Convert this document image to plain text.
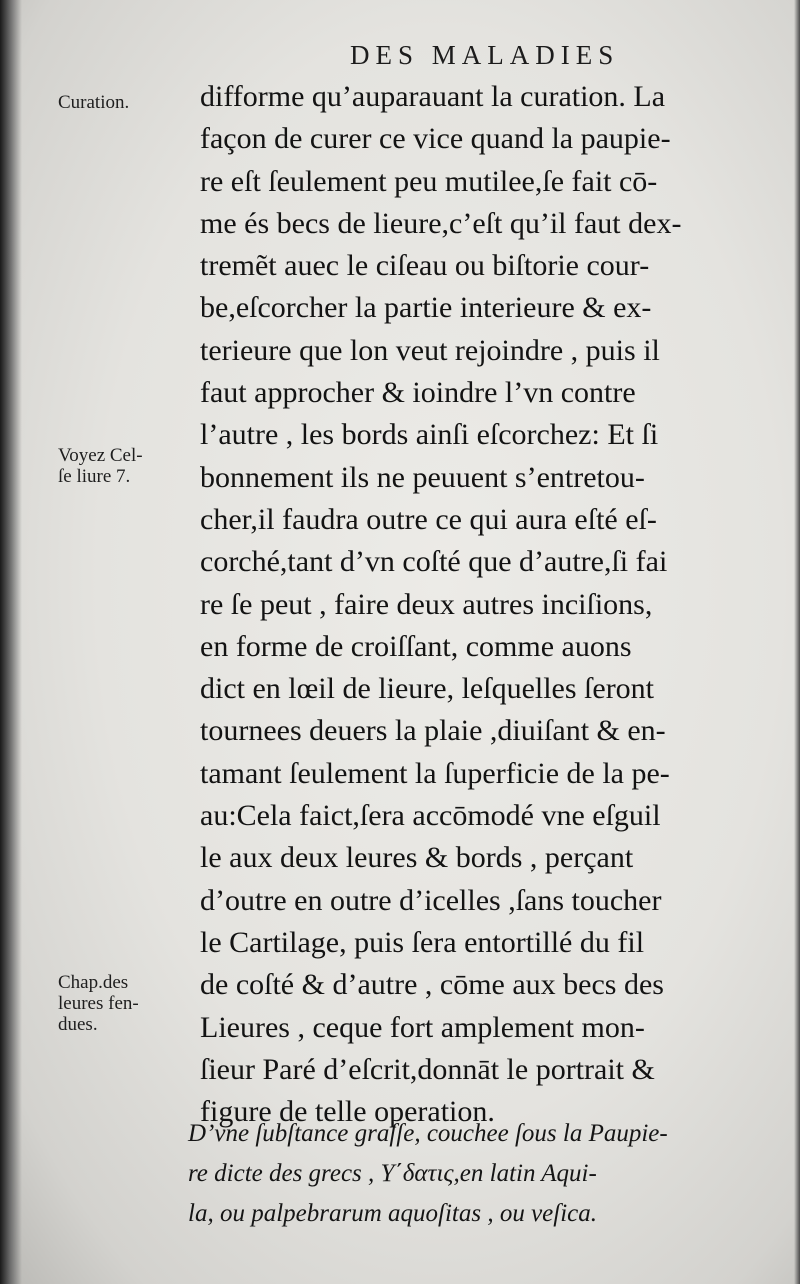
DES MALADIES
Curation.
Voyez Cel-
ſe liure 7.
Chap.des
leures fen-
dues.
difforme qu’auparauant la curation. La
façon de curer ce vice quand la paupie-
re eſt ſeulement peu mutilee,ſe fait cō-
me és becs de lieure,c’eſt qu’il faut dex-
tremẽt auec le ciſeau ou biſtorie cour-
be,eſcorcher la partie interieure & ex-
terieure que lon veut rejoindre , puis il
faut approcher & ioindre l’vn contre
l’autre , les bords ainſi eſcorchez: Et ſi
bonnement ils ne peuuent s’entretou-
cher,il faudra outre ce qui aura eſté eſ-
corché,tant d’vn coſté que d’autre,ſi fai
re ſe peut , faire deux autres inciſions,
en forme de croiſſant, comme auons
dict en lœil de lieure, leſquelles ſeront
tournees deuers la plaie ,diuiſant & en-
tamant ſeulement la ſuperficie de la pe-
au:Cela faict,ſera accōmodé vne eſguil
le aux deux leures & bords , perçant
d’outre en outre d’icelles ,ſans toucher
le Cartilage, puis ſera entortillé du fil
de coſté & d’autre , cōme aux becs des
Lieures , ceque fort amplement mon-
ſieur Paré d’eſcrit,donnāt le portrait &
figure de telle operation.
D’vne ſubſtance graſſe, couchee ſous la Paupie-
re dicte des grecs , Υ΄δατις,en latin Aqui-
la, ou palpebrarum aquoſitas , ou veſica.
